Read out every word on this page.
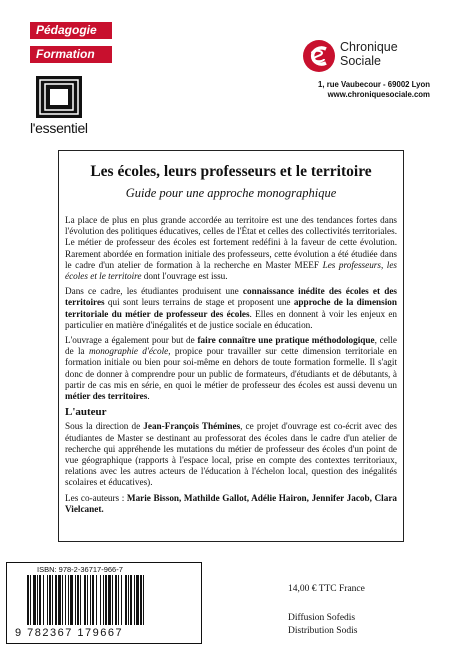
Pédagogie
Formation
l'essentiel
Chronique
Sociale
1, rue Vaubecour - 69002 Lyon
www.chroniquesociale.com
Les écoles, leurs professeurs et le territoire
Guide pour une approche monographique

La place de plus en plus grande accordée au territoire est une des tendances fortes dans l'évolution des politiques éducatives, celles de l'État et celles des collectivités territoriales. Le métier de professeur des écoles est fortement redéfini à la faveur de cette évolution. Rarement abordée en formation initiale des professeurs, cette évolution a été étudiée dans le cadre d'un atelier de formation à la recherche en Master MEEF Les professeurs, les écoles et le territoire dont l'ouvrage est issu.

Dans ce cadre, les étudiantes produisent une connaissance inédite des écoles et des territoires qui sont leurs terrains de stage et proposent une approche de la dimension territoriale du métier de professeur des écoles. Elles en donnent à voir les enjeux en particulier en matière d'inégalités et de justice sociale en éducation.

L'ouvrage a également pour but de faire connaître une pratique méthodologique, celle de la monographie d'école, propice pour travailler sur cette dimension territoriale en formation initiale ou bien pour soi-même en dehors de toute formation formelle. Il s'agit donc de donner à comprendre pour un public de formateurs, d'étudiants et de débutants, à partir de cas mis en série, en quoi le métier de professeur des écoles est aussi devenu un métier des territoires.

L'auteur

Sous la direction de Jean-François Thémines, ce projet d'ouvrage est co-écrit avec des étudiantes de Master se destinant au professorat des écoles dans le cadre d'un atelier de recherche qui appréhende les mutations du métier de professeur des écoles d'un point de vue géographique (rapports à l'espace local, prise en compte des contextes territoriaux, relations avec les autres acteurs de l'éducation à l'échelon local, question des inégalités scolaires et éducatives).

Les co-auteurs : Marie Bisson, Mathilde Gallot, Adélie Hairon, Jennifer Jacob, Clara Vielcanet.

ISBN: 978-2-36717-966-7
9 782367 179667
14,00 € TTC France
Diffusion Sofedis
Distribution Sodis
